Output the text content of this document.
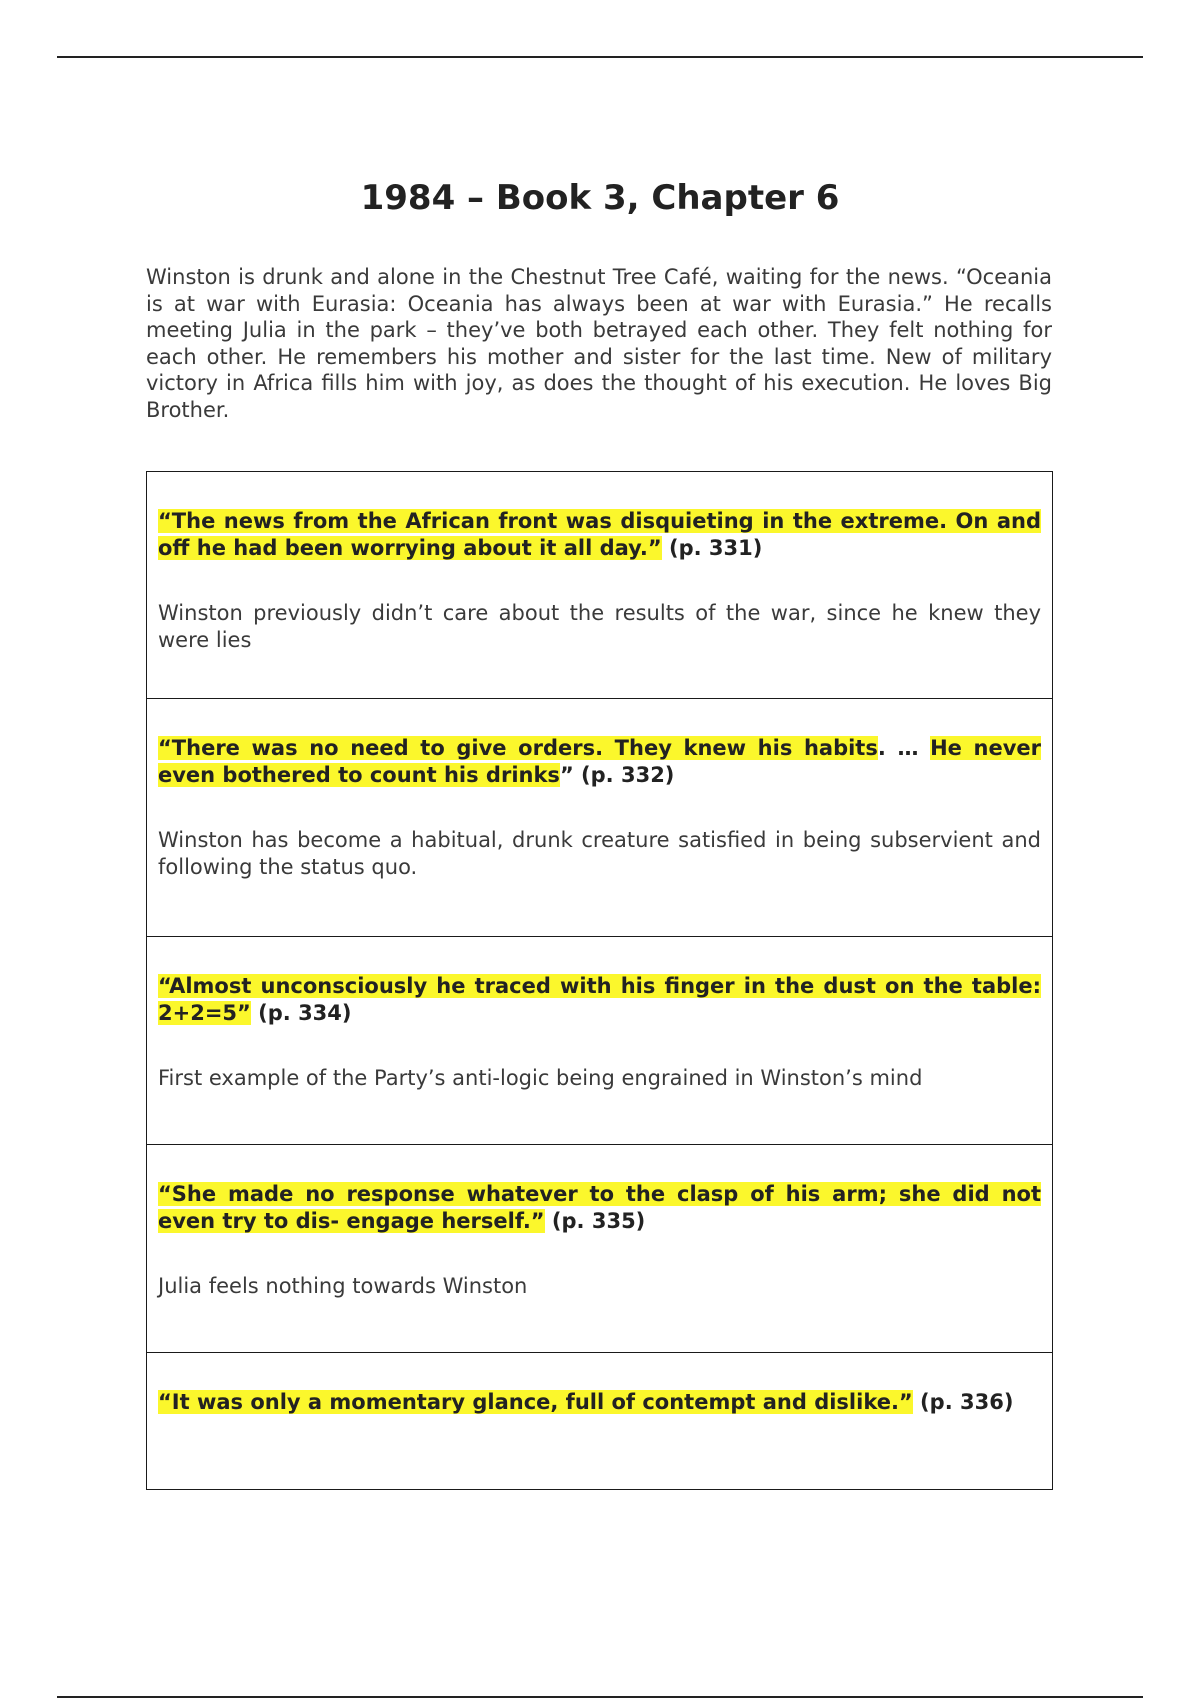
1984 – Book 3, Chapter 6

Winston is drunk and alone in the Chestnut Tree Café, waiting for the news. “Oceania is at war with Eurasia: Oceania has always been at war with Eurasia.” He recalls meeting Julia in the park – they’ve both betrayed each other. They felt nothing for each other. He remembers his mother and sister for the last time. New of military victory in Africa fills him with joy, as does the thought of his execution. He loves Big Brother.

“The news from the African front was disquieting in the extreme. On and off he had been worrying about it all day.” (p. 331)

Winston previously didn’t care about the results of the war, since he knew they were lies

“There was no need to give orders. They knew his habits. … He never even bothered to count his drinks” (p. 332)

Winston has become a habitual, drunk creature satisfied in being subservient and following the status quo.

“Almost unconsciously he traced with his finger in the dust on the table: 2+2=5” (p. 334)

First example of the Party’s anti-logic being engrained in Winston’s mind

“She made no response whatever to the clasp of his arm; she did not even try to dis- engage herself.” (p. 335)

Julia feels nothing towards Winston

“It was only a momentary glance, full of contempt and dislike.” (p. 336)
